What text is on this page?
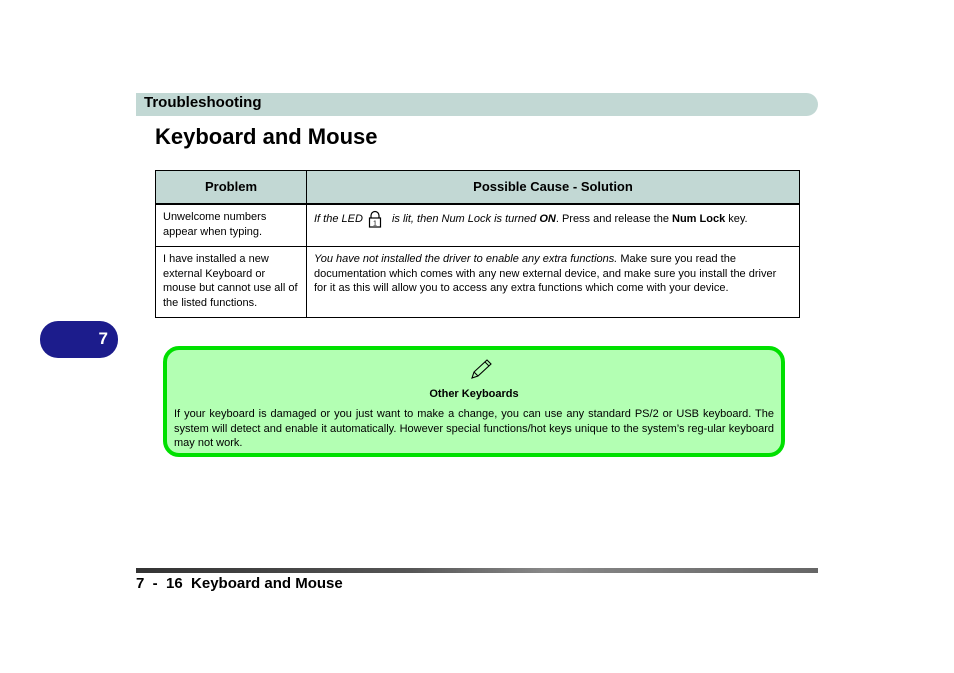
Troubleshooting
Keyboard and Mouse
7
Problem	Possible Cause - Solution
Unwelcome numbers appear when typing.	If the LED 1 is lit, then Num Lock is turned ON. Press and release the Num Lock key.
I have installed a new external Keyboard or mouse but cannot use all of the listed functions.	You have not installed the driver to enable any extra functions. Make sure you read the documentation which comes with any new external device, and make sure you install the driver for it as this will allow you to access any extra functions which come with your device.
Other Keyboards
If your keyboard is damaged or you just want to make a change, you can use any standard PS/2 or USB keyboard. The system will detect and enable it automatically. However special functions/hot keys unique to the system’s reg-ular keyboard may not work.
7  -  16  Keyboard and Mouse
